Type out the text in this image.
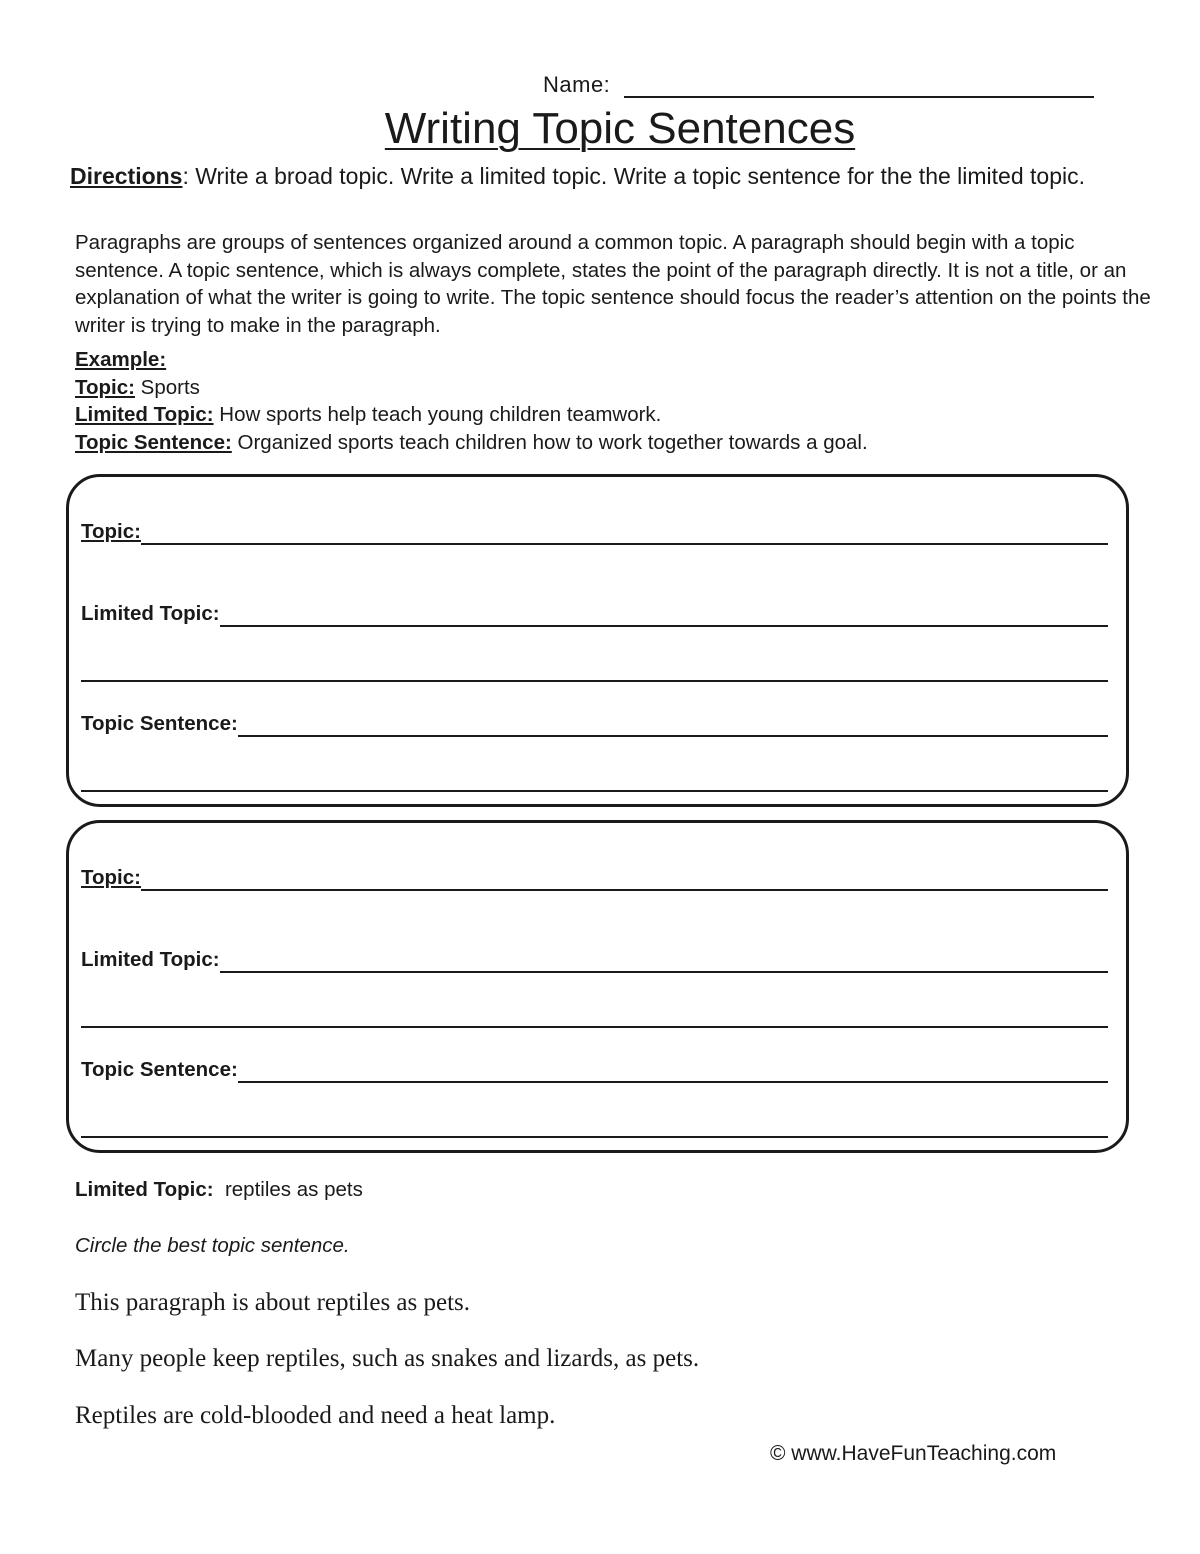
Name:
Writing Topic Sentences
Directions: Write a broad topic. Write a limited topic. Write a topic sentence for the the limited topic.
Paragraphs are groups of sentences organized around a common topic. A paragraph should begin with a topic sentence. A topic sentence, which is always complete, states the point of the paragraph directly. It is not a title, or an explanation of what the writer is going to write. The topic sentence should focus the reader’s attention on the points the writer is trying to make in the paragraph.
Example:
Topic: Sports
Limited Topic: How sports help teach young children teamwork.
Topic Sentence: Organized sports teach children how to work together towards a goal.
Topic:
Limited Topic:
Topic Sentence:
Topic:
Limited Topic:
Topic Sentence:
Limited Topic:  reptiles as pets
Circle the best topic sentence.
This paragraph is about reptiles as pets.
Many people keep reptiles, such as snakes and lizards, as pets.
Reptiles are cold-blooded and need a heat lamp.
© www.HaveFunTeaching.com
